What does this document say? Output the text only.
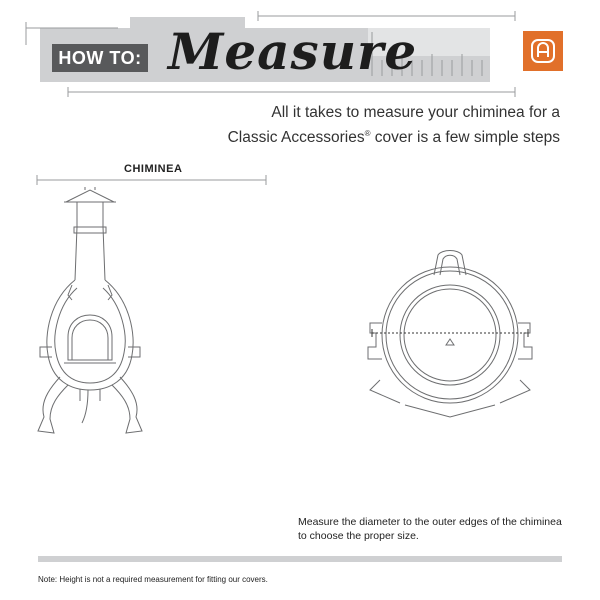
HOW TO: Measure
All it takes to measure your chiminea for a
Classic Accessories® cover is a few simple steps
CHIMINEA
Measure the diameter to the outer edges of the chiminea
to choose the proper size.
Note: Height is not a required measurement for fitting our covers.
